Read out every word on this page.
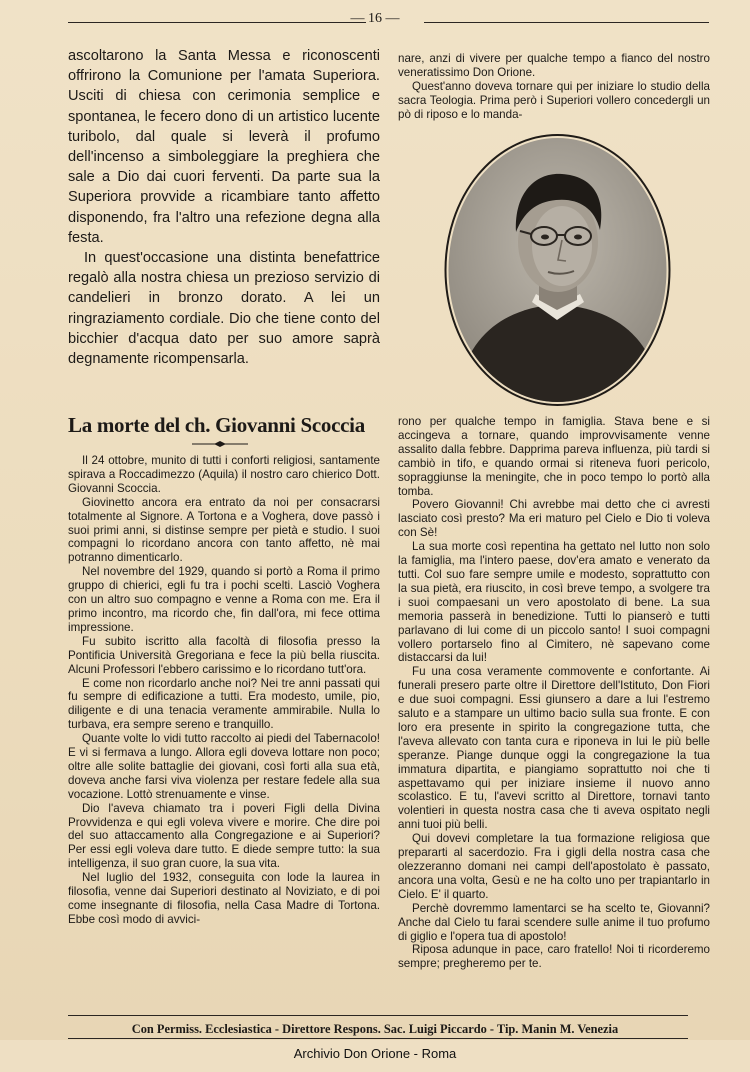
— 16 —

ascoltarono la Santa Messa e riconoscenti offrirono la Comunione per l'amata Superiora. Usciti di chiesa con cerimonia semplice e spontanea, le fecero dono di un artistico lucente turibolo, dal quale si leverà il profumo dell'incenso a simboleggiare la preghiera che sale a Dio dai cuori ferventi. Da parte sua la Superiora provvide a ricambiare tanto affetto disponendo, fra l'altro una refezione degna alla festa.

In quest'occasione una distinta benefattrice regalò alla nostra chiesa un prezioso servizio di candelieri in bronzo dorato. A lei un ringraziamento cordiale. Dio che tiene conto del bicchier d'acqua dato per suo amore saprà degnamente ricompensarla.

nare, anzi di vivere per qualche tempo a fianco del nostro veneratissimo Don Orione.

Quest'anno doveva tornare qui per iniziare lo studio della sacra Teologia. Prima però i Superiori vollero concedergli un pò di riposo e lo manda-

La morte del ch. Giovanni Scoccia

Il 24 ottobre, munito di tutti i conforti religiosi, santamente spirava a Roccadimezzo (Aquila) il nostro caro chierico Dott. Giovanni Scoccia.

Giovinetto ancora era entrato da noi per consacrarsi totalmente al Signore. A Tortona e a Voghera, dove passò i suoi primi anni, si distinse sempre per pietà e studio. I suoi compagni lo ricordano ancora con tanto affetto, nè mai potranno dimenticarlo.

Nel novembre del 1929, quando si portò a Roma il primo gruppo di chierici, egli fu tra i pochi scelti. Lasciò Voghera con un altro suo compagno e venne a Roma con me. Era il primo incontro, ma ricordo che, fin dall'ora, mi fece ottima impressione.

Fu subito iscritto alla facoltà di filosofia presso la Pontificia Università Gregoriana e fece la più bella riuscita. Alcuni Professori l'ebbero carissimo e lo ricordano tutt'ora.

E come non ricordarlo anche noi? Nei tre anni passati qui fu sempre di edificazione a tutti. Era modesto, umile, pio, diligente e di una tenacia veramente ammirabile. Nulla lo turbava, era sempre sereno e tranquillo.

Quante volte lo vidi tutto raccolto ai piedi del Tabernacolo! E vi si fermava a lungo. Allora egli doveva lottare non poco; oltre alle solite battaglie dei giovani, così forti alla sua età, doveva anche farsi viva violenza per restare fedele alla sua vocazione. Lottò strenuamente e vinse.

Dio l'aveva chiamato tra i poveri Figli della Divina Provvidenza e qui egli voleva vivere e morire. Che dire poi del suo attaccamento alla Congregazione e ai Superiori? Per essi egli voleva dare tutto. E diede sempre tutto: la sua intelligenza, il suo gran cuore, la sua vita.

Nel luglio del 1932, conseguita con lode la laurea in filosofia, venne dai Superiori destinato al Noviziato, e di poi come insegnante di filosofia, nella Casa Madre di Tortona. Ebbe così modo di avvici-

rono per qualche tempo in famiglia. Stava bene e si accingeva a tornare, quando improvvisamente venne assalito dalla febbre. Dapprima pareva influenza, più tardi si cambiò in tifo, e quando ormai si riteneva fuori pericolo, sopraggiunse la meningite, che in poco tempo lo portò alla tomba.

Povero Giovanni! Chi avrebbe mai detto che ci avresti lasciato così presto? Ma eri maturo pel Cielo e Dio ti voleva con Sè!

La sua morte così repentina ha gettato nel lutto non solo la famiglia, ma l'intero paese, dov'era amato e venerato da tutti. Col suo fare sempre umile e modesto, soprattutto con la sua pietà, era riuscito, in così breve tempo, a svolgere tra i suoi compaesani un vero apostolato di bene. La sua memoria passerà in benedizione. Tutti lo pianserò e tutti parlavano di lui come di un piccolo santo! I suoi compagni vollero portarselo fino al Cimitero, nè sapevano come distaccarsi da lui!

Fu una cosa veramente commovente e confortante. Ai funerali presero parte oltre il Direttore dell'Istituto, Don Fiori e due suoi compagni. Essi giunsero a dare a lui l'estremo saluto e a stampare un ultimo bacio sulla sua fronte. E con loro era presente in spirito la congregazione tutta, che l'aveva allevato con tanta cura e riponeva in lui le più belle speranze. Piange dunque oggi la congregazione la tua immatura dipartita, e piangiamo soprattutto noi che ti aspettavamo qui per iniziare insieme il nuovo anno scolastico. E tu, l'avevi scritto al Direttore, tornavi tanto volentieri in questa nostra casa che ti aveva ospitato negli anni tuoi più belli.

Qui dovevi completare la tua formazione religiosa que prepararti al sacerdozio. Fra i gigli della nostra casa che olezzeranno domani nei campi dell'apostolato è passato, ancora una volta, Gesù e ne ha colto uno per trapiantarlo in Cielo. E' il quarto.

Perchè dovremmo lamentarci se ha scelto te, Giovanni? Anche dal Cielo tu farai scendere sulle anime il tuo profumo di giglio e l'opera tua di apostolo!

Riposa adunque in pace, caro fratello! Noi ti ricorderemo sempre; pregheremo per te.

Con Permiss. Ecclesiastica - Direttore Respons. Sac. Luigi Piccardo - Tip. Manin M. Venezia
Archivio Don Orione - Roma
